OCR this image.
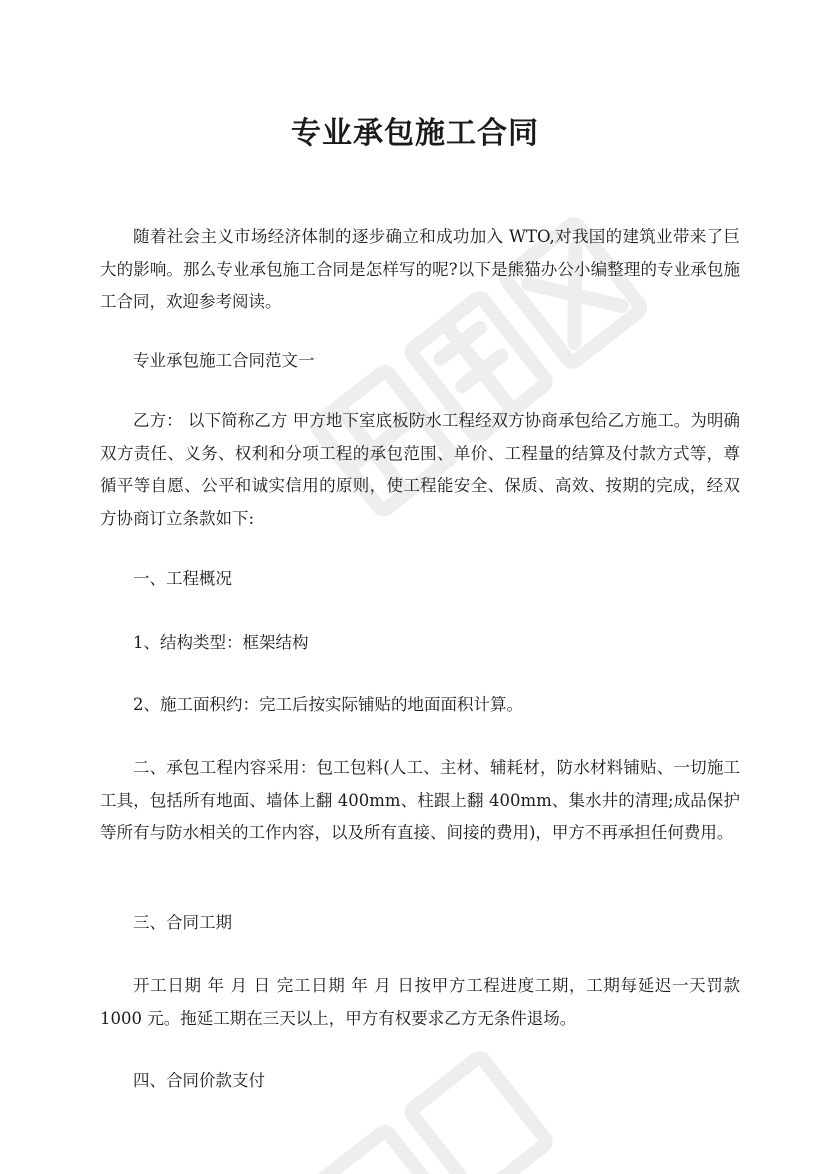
专业承包施工合同

随着社会主义市场经济体制的逐步确立和成功加入 WTO,对我国的建筑业带来了巨大的影响。那么专业承包施工合同是怎样写的呢?以下是熊猫办公小编整理的专业承包施工合同，欢迎参考阅读。

专业承包施工合同范文一

乙方： 以下简称乙方 甲方地下室底板防水工程经双方协商承包给乙方施工。为明确双方责任、义务、权利和分项工程的承包范围、单价、工程量的结算及付款方式等，尊循平等自愿、公平和诚实信用的原则，使工程能安全、保质、高效、按期的完成，经双方协商订立条款如下:

一、工程概况

1、结构类型：框架结构

2、施工面积约：完工后按实际铺贴的地面面积计算。

二、承包工程内容采用：包工包料(人工、主材、辅耗材，防水材料铺贴、一切施工工具，包括所有地面、墙体上翻 400mm、柱跟上翻 400mm、集水井的清理;成品保护等所有与防水相关的工作内容，以及所有直接、间接的费用)，甲方不再承担任何费用。

三、合同工期

开工日期 年 月 日 完工日期 年 月 日按甲方工程进度工期，工期每延迟一天罚款 1000 元。拖延工期在三天以上，甲方有权要求乙方无条件退场。

四、合同价款支付
